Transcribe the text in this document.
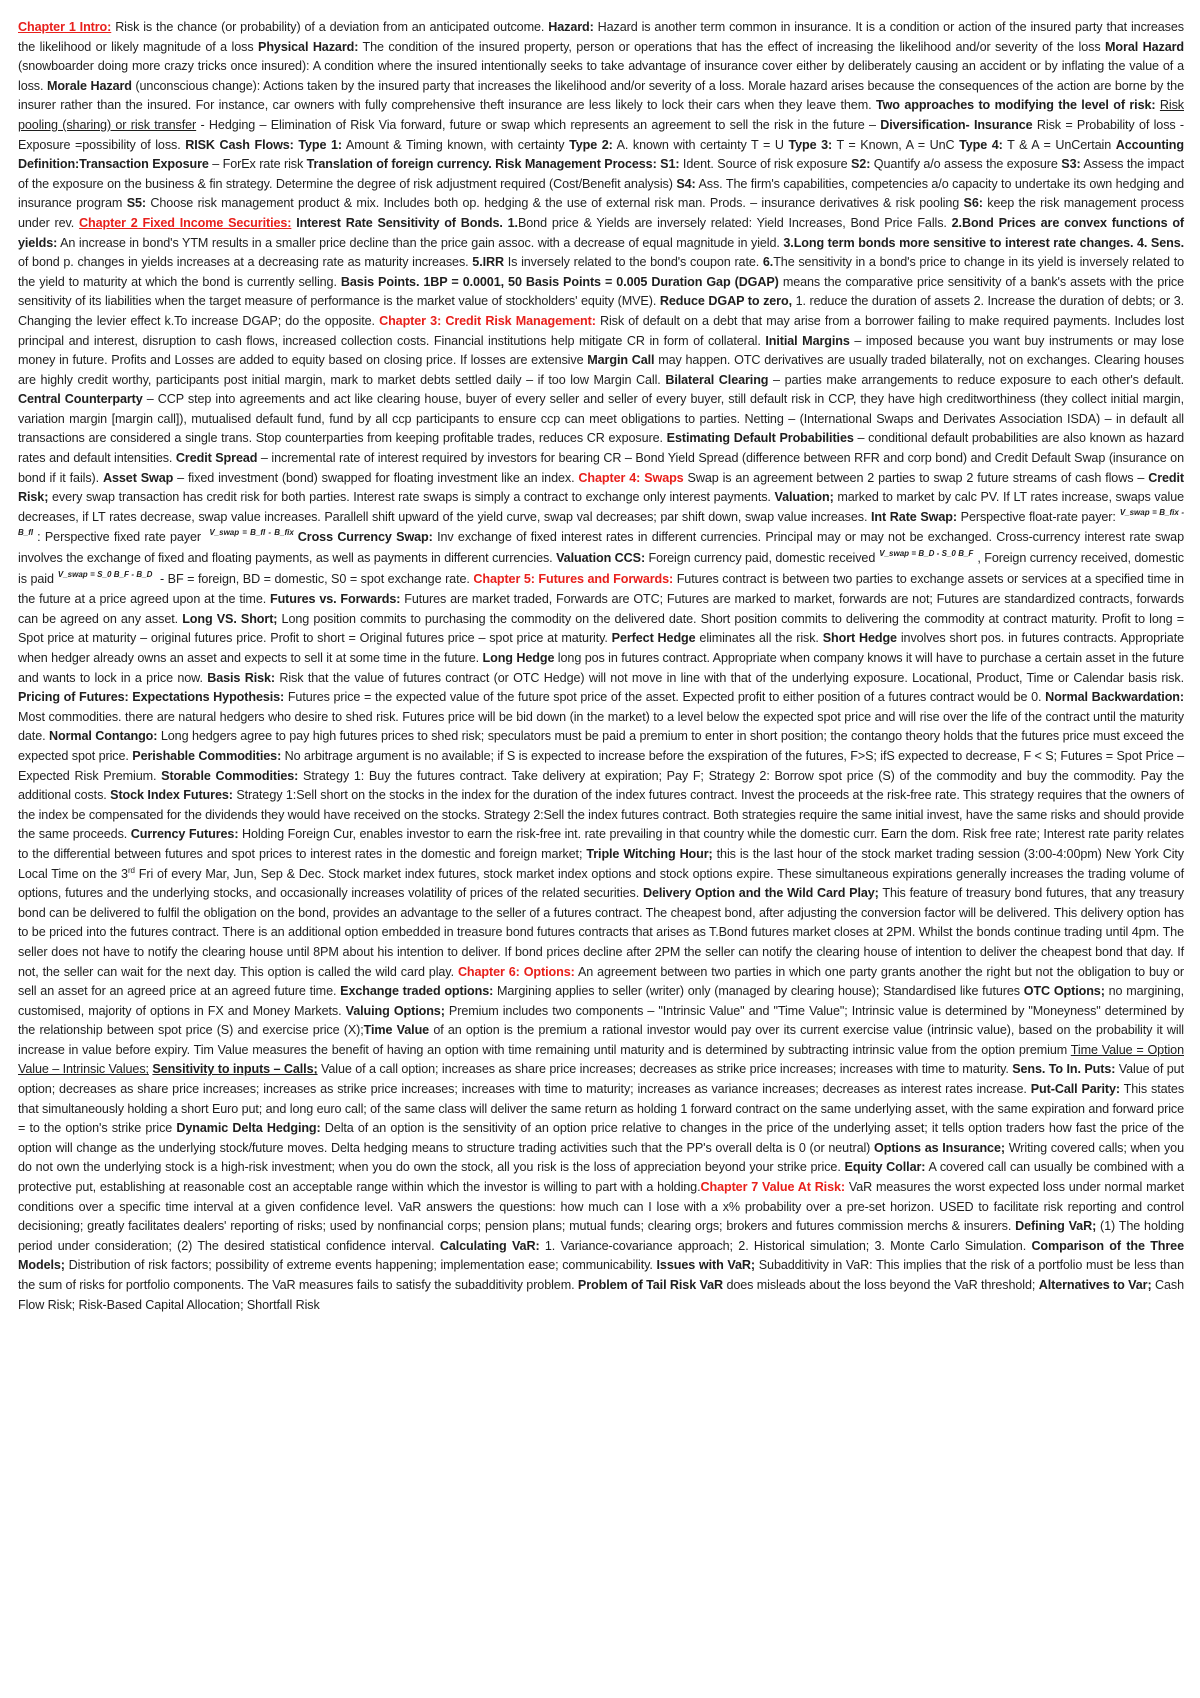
Chapter 1 Intro: Risk is the chance (or probability) of a deviation from an anticipated outcome. Hazard: Hazard is another term common in insurance. It is a condition or action of the insured party that increases the likelihood or likely magnitude of a loss Physical Hazard: The condition of the insured property, person or operations that has the effect of increasing the likelihood and/or severity of the loss Moral Hazard (snowboarder doing more crazy tricks once insured): A condition where the insured intentionally seeks to take advantage of insurance cover either by deliberately causing an accident or by inflating the value of a loss. Morale Hazard (unconscious change): Actions taken by the insured party that increases the likelihood and/or severity of a loss. Morale hazard arises because the consequences of the action are borne by the insurer rather than the insured. For instance, car owners with fully comprehensive theft insurance are less likely to lock their cars when they leave them. Two approaches to modifying the level of risk: Risk pooling (sharing) or risk transfer - Hedging – Elimination of Risk Via forward, future or swap which represents an agreement to sell the risk in the future – Diversification- Insurance Risk = Probability of loss - Exposure =possibility of loss. RISK Cash Flows: Type 1: Amount & Timing known, with certainty Type 2: A. known with certainty T = U Type 3: T = Known, A = UnC Type 4: T & A = UnCertain Accounting Definition:Transaction Exposure – ForEx rate risk Translation of foreign currency. Risk Management Process: S1: Ident. Source of risk exposure S2: Quantify a/o assess the exposure S3: Assess the impact of the exposure on the business & fin strategy. Determine the degree of risk adjustment required (Cost/Benefit analysis) S4: Ass. The firm's capabilities, competencies a/o capacity to undertake its own hedging and insurance program S5: Choose risk management product & mix. Includes both op. hedging & the use of external risk man. Prods. – insurance derivatives & risk pooling S6: keep the risk management process under rev. Chapter 2 Fixed Income Securities: Interest Rate Sensitivity of Bonds. 1.Bond price & Yields are inversely related: Yield Increases, Bond Price Falls. 2.Bond Prices are convex functions of yields: An increase in bond's YTM results in a smaller price decline than the price gain assoc. with a decrease of equal magnitude in yield. 3.Long term bonds more sensitive to interest rate changes. 4. Sens. of bond p. changes in yields increases at a decreasing rate as maturity increases. 5.IRR Is inversely related to the bond's coupon rate. 6.The sensitivity in a bond's price to change in its yield is inversely related to the yield to maturity at which the bond is currently selling. Basis Points. 1BP = 0.0001, 50 Basis Points = 0.005 Duration Gap (DGAP) means the comparative price sensitivity of a bank's assets with the price sensitivity of its liabilities when the target measure of performance is the market value of stockholders' equity (MVE). Reduce DGAP to zero, 1. reduce the duration of assets 2. Increase the duration of debts; or 3. Changing the levier effect k.To increase DGAP; do the opposite. Chapter 3: Credit Risk Management: Risk of default on a debt that may arise from a borrower failing to make required payments. Includes lost principal and interest, disruption to cash flows, increased collection costs. Financial institutions help mitigate CR in form of collateral. Initial Margins – imposed because you want buy instruments or may lose money in future. Profits and Losses are added to equity based on closing price. If losses are extensive Margin Call may happen. OTC derivatives are usually traded bilaterally, not on exchanges. Clearing houses are highly credit worthy, participants post initial margin, mark to market debts settled daily – if too low Margin Call. Bilateral Clearing – parties make arrangements to reduce exposure to each other's default. Central Counterparty – CCP step into agreements and act like clearing house, buyer of every seller and seller of every buyer, still default risk in CCP, they have high creditworthiness (they collect initial margin, variation margin [margin call]), mutualised default fund, fund by all ccp participants to ensure ccp can meet obligations to parties. Netting – (International Swaps and Derivates Association ISDA) – in default all transactions are considered a single trans. Stop counterparties from keeping profitable trades, reduces CR exposure. Estimating Default Probabilities – conditional default probabilities are also known as hazard rates and default intensities. Credit Spread – incremental rate of interest required by investors for bearing CR – Bond Yield Spread (difference between RFR and corp bond) and Credit Default Swap (insurance on bond if it fails). Asset Swap – fixed investment (bond) swapped for floating investment like an index. Chapter 4: Swaps Swap is an agreement between 2 parties to swap 2 future streams of cash flows – Credit Risk; every swap transaction has credit risk for both parties. Interest rate swaps is simply a contract to exchange only interest payments. Valuation; marked to market by calc PV. If LT rates increase, swaps value decreases, if LT rates decrease, swap value increases. Parallell shift upward of the yield curve, swap val decreases; par shift down, swap value increases. Int Rate Swap: Perspective float-rate payer: $^{V\_swap = B\_fix - B\_fl}$ : Perspective fixed rate payer $^{V\_swap = B\_fl - B\_fix}$ Cross Currency Swap: Inv exchange of fixed interest rates in different currencies. Principal may or may not be exchanged. Cross-currency interest rate swap involves the exchange of fixed and floating payments, as well as payments in different currencies. Valuation CCS: Foreign currency paid, domestic received $^{V\_swap = B\_D - S\_0 B\_F}$ , Foreign currency received, domestic is paid $^{V\_swap = S\_0 B\_F - B\_D}$ - BF = foreign, BD = domestic, S0 = spot exchange rate. Chapter 5: Futures and Forwards: Futures contract is between two parties to exchange assets or services at a specified time in the future at a price agreed upon at the time. Futures vs. Forwards: Futures are market traded, Forwards are OTC; Futures are marked to market, forwards are not; Futures are standardized contracts, forwards can be agreed on any asset. Long VS. Short; Long position commits to purchasing the commodity on the delivered date. Short position commits to delivering the commodity at contract maturity. Profit to long = Spot price at maturity – original futures price. Profit to short = Original futures price – spot price at maturity. Perfect Hedge eliminates all the risk. Short Hedge involves short pos. in futures contracts. Appropriate when hedger already owns an asset and expects to sell it at some time in the future. Long Hedge long pos in futures contract. Appropriate when company knows it will have to purchase a certain asset in the future and wants to lock in a price now. Basis Risk: Risk that the value of futures contract (or OTC Hedge) will not move in line with that of the underlying exposure. Locational, Product, Time or Calendar basis risk. Pricing of Futures: Expectations Hypothesis: Futures price = the expected value of the future spot price of the asset. Expected profit to either position of a futures contract would be 0. Normal Backwardation: Most commodities. there are natural hedgers who desire to shed risk. Futures price will be bid down (in the market) to a level below the expected spot price and will rise over the life of the contract until the maturity date. Normal Contango: Long hedgers agree to pay high futures prices to shed risk; speculators must be paid a premium to enter in short position; the contango theory holds that the futures price must exceed the expected spot price. Perishable Commodities: No arbitrage argument is no available; if S is expected to increase before the exspiration of the futures, F>S; ifS expected to decrease, F < S; Futures = Spot Price – Expected Risk Premium. Storable Commodities: Strategy 1: Buy the futures contract. Take delivery at expiration; Pay F; Strategy 2: Borrow spot price (S) of the commodity and buy the commodity. Pay the additional costs. Stock Index Futures: Strategy 1:Sell short on the stocks in the index for the duration of the index futures contract. Invest the proceeds at the risk-free rate. This strategy requires that the owners of the index be compensated for the dividends they would have received on the stocks. Strategy 2:Sell the index futures contract. Both strategies require the same initial invest, have the same risks and should provide the same proceeds. Currency Futures: Holding Foreign Cur, enables investor to earn the risk-free int. rate prevailing in that country while the domestic curr. Earn the dom. Risk free rate; Interest rate parity relates to the differential between futures and spot prices to interest rates in the domestic and foreign market; Triple Witching Hour; this is the last hour of the stock market trading session (3:00-4:00pm) New York City Local Time on the 3rd Fri of every Mar, Jun, Sep & Dec. Stock market index futures, stock market index options and stock options expire. These simultaneous expirations generally increases the trading volume of options, futures and the underlying stocks, and occasionally increases volatility of prices of the related securities. Delivery Option and the Wild Card Play; This feature of treasury bond futures, that any treasury bond can be delivered to fulfil the obligation on the bond, provides an advantage to the seller of a futures contract. The cheapest bond, after adjusting the conversion factor will be delivered. This delivery option has to be priced into the futures contract. There is an additional option embedded in treasure bond futures contracts that arises as T.Bond futures market closes at 2PM. Whilst the bonds continue trading until 4pm. The seller does not have to notify the clearing house until 8PM about his intention to deliver. If bond prices decline after 2PM the seller can notify the clearing house of intention to deliver the cheapest bond that day. If not, the seller can wait for the next day. This option is called the wild card play. Chapter 6: Options: An agreement between two parties in which one party grants another the right but not the obligation to buy or sell an asset for an agreed price at an agreed future time. Exchange traded options: Margining applies to seller (writer) only (managed by clearing house); Standardised like futures OTC Options; no margining, customised, majority of options in FX and Money Markets. Valuing Options; Premium includes two components – "Intrinsic Value" and "Time Value"; Intrinsic value is determined by "Moneyness" determined by the relationship between spot price (S) and exercise price (X);Time Value of an option is the premium a rational investor would pay over its current exercise value (intrinsic value), based on the probability it will increase in value before expiry. Tim Value measures the benefit of having an option with time remaining until maturity and is determined by subtracting intrinsic value from the option premium Time Value = Option Value – Intrinsic Values; Sensitivity to inputs – Calls; Value of a call option; increases as share price increases; decreases as strike price increases; increases with time to maturity. Sens. To In. Puts: Value of put option; decreases as share price increases; increases as strike price increases; increases with time to maturity; increases as variance increases; decreases as interest rates increase. Put-Call Parity: This states that simultaneously holding a short Euro put; and long euro call; of the same class will deliver the same return as holding 1 forward contract on the same underlying asset, with the same expiration and forward price = to the option's strike price Dynamic Delta Hedging: Delta of an option is the sensitivity of an option price relative to changes in the price of the underlying asset; it tells option traders how fast the price of the option will change as the underlying stock/future moves. Delta hedging means to structure trading activities such that the PP's overall delta is 0 (or neutral) Options as Insurance; Writing covered calls; when you do not own the underlying stock is a high-risk investment; when you do own the stock, all you risk is the loss of appreciation beyond your strike price. Equity Collar: A covered call can usually be combined with a protective put, establishing at reasonable cost an acceptable range within which the investor is willing to part with a holding.Chapter 7 Value At Risk: VaR measures the worst expected loss under normal market conditions over a specific time interval at a given confidence level. VaR answers the questions: how much can I lose with a x% probability over a pre-set horizon. USED to facilitate risk reporting and control decisioning; greatly facilitates dealers' reporting of risks; used by nonfinancial corps; pension plans; mutual funds; clearing orgs; brokers and futures commission merchs & insurers. Defining VaR; (1) The holding period under consideration; (2) The desired statistical confidence interval. Calculating VaR: 1. Variance-covariance approach; 2. Historical simulation; 3. Monte Carlo Simulation. Comparison of the Three Models; Distribution of risk factors; possibility of extreme events happening; implementation ease; communicability. Issues with VaR; Subadditivity in VaR: This implies that the risk of a portfolio must be less than the sum of risks for portfolio components. The VaR measures fails to satisfy the subadditivity problem. Problem of Tail Risk VaR does misleads about the loss beyond the VaR threshold; Alternatives to Var; Cash Flow Risk; Risk-Based Capital Allocation; Shortfall Risk
